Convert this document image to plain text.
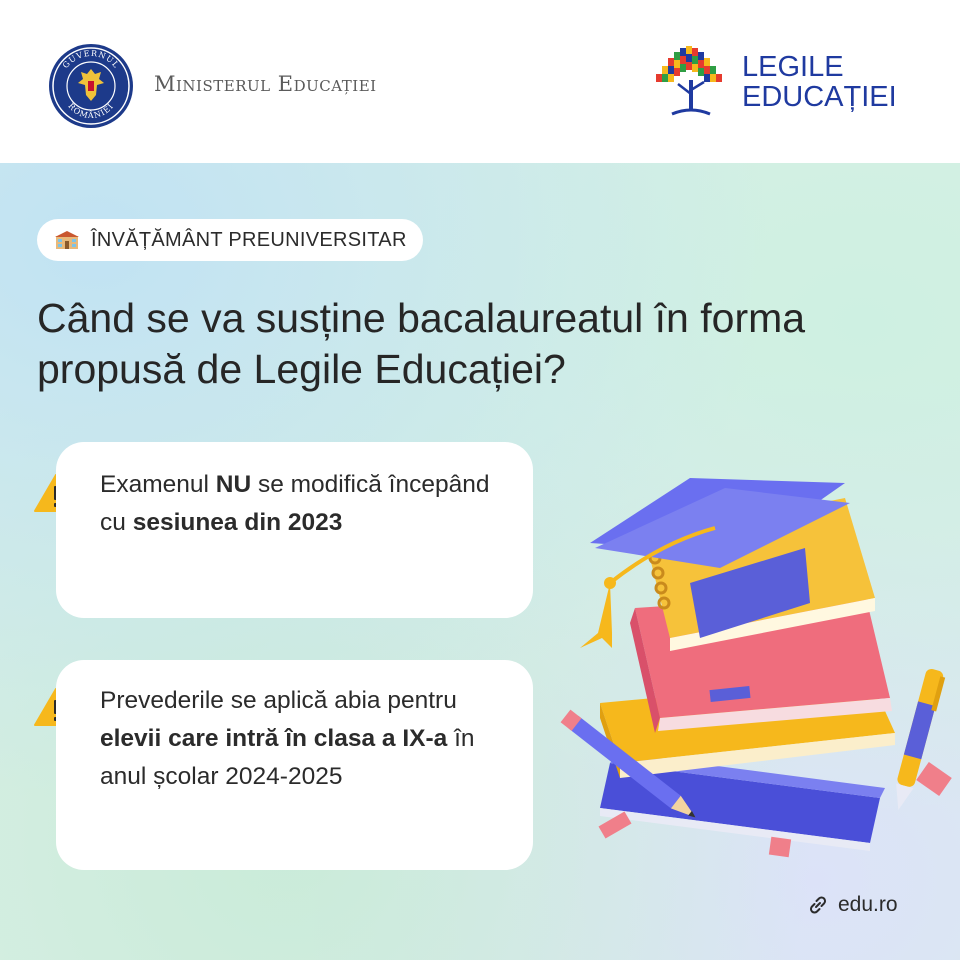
GUVERNUL
ROMÂNIEI
Ministerul Educației
LEGILE
EDUCAȚIEI
ÎNVĂȚĂMÂNT PREUNIVERSITAR
Când se va susține bacalaureatul în forma propusă de Legile Educației?
Examenul NU se modifică începând cu sesiunea din 2023
Prevederile se aplică abia pentru elevii care intră în clasa a IX-a în anul școlar 2024-2025
edu.ro
